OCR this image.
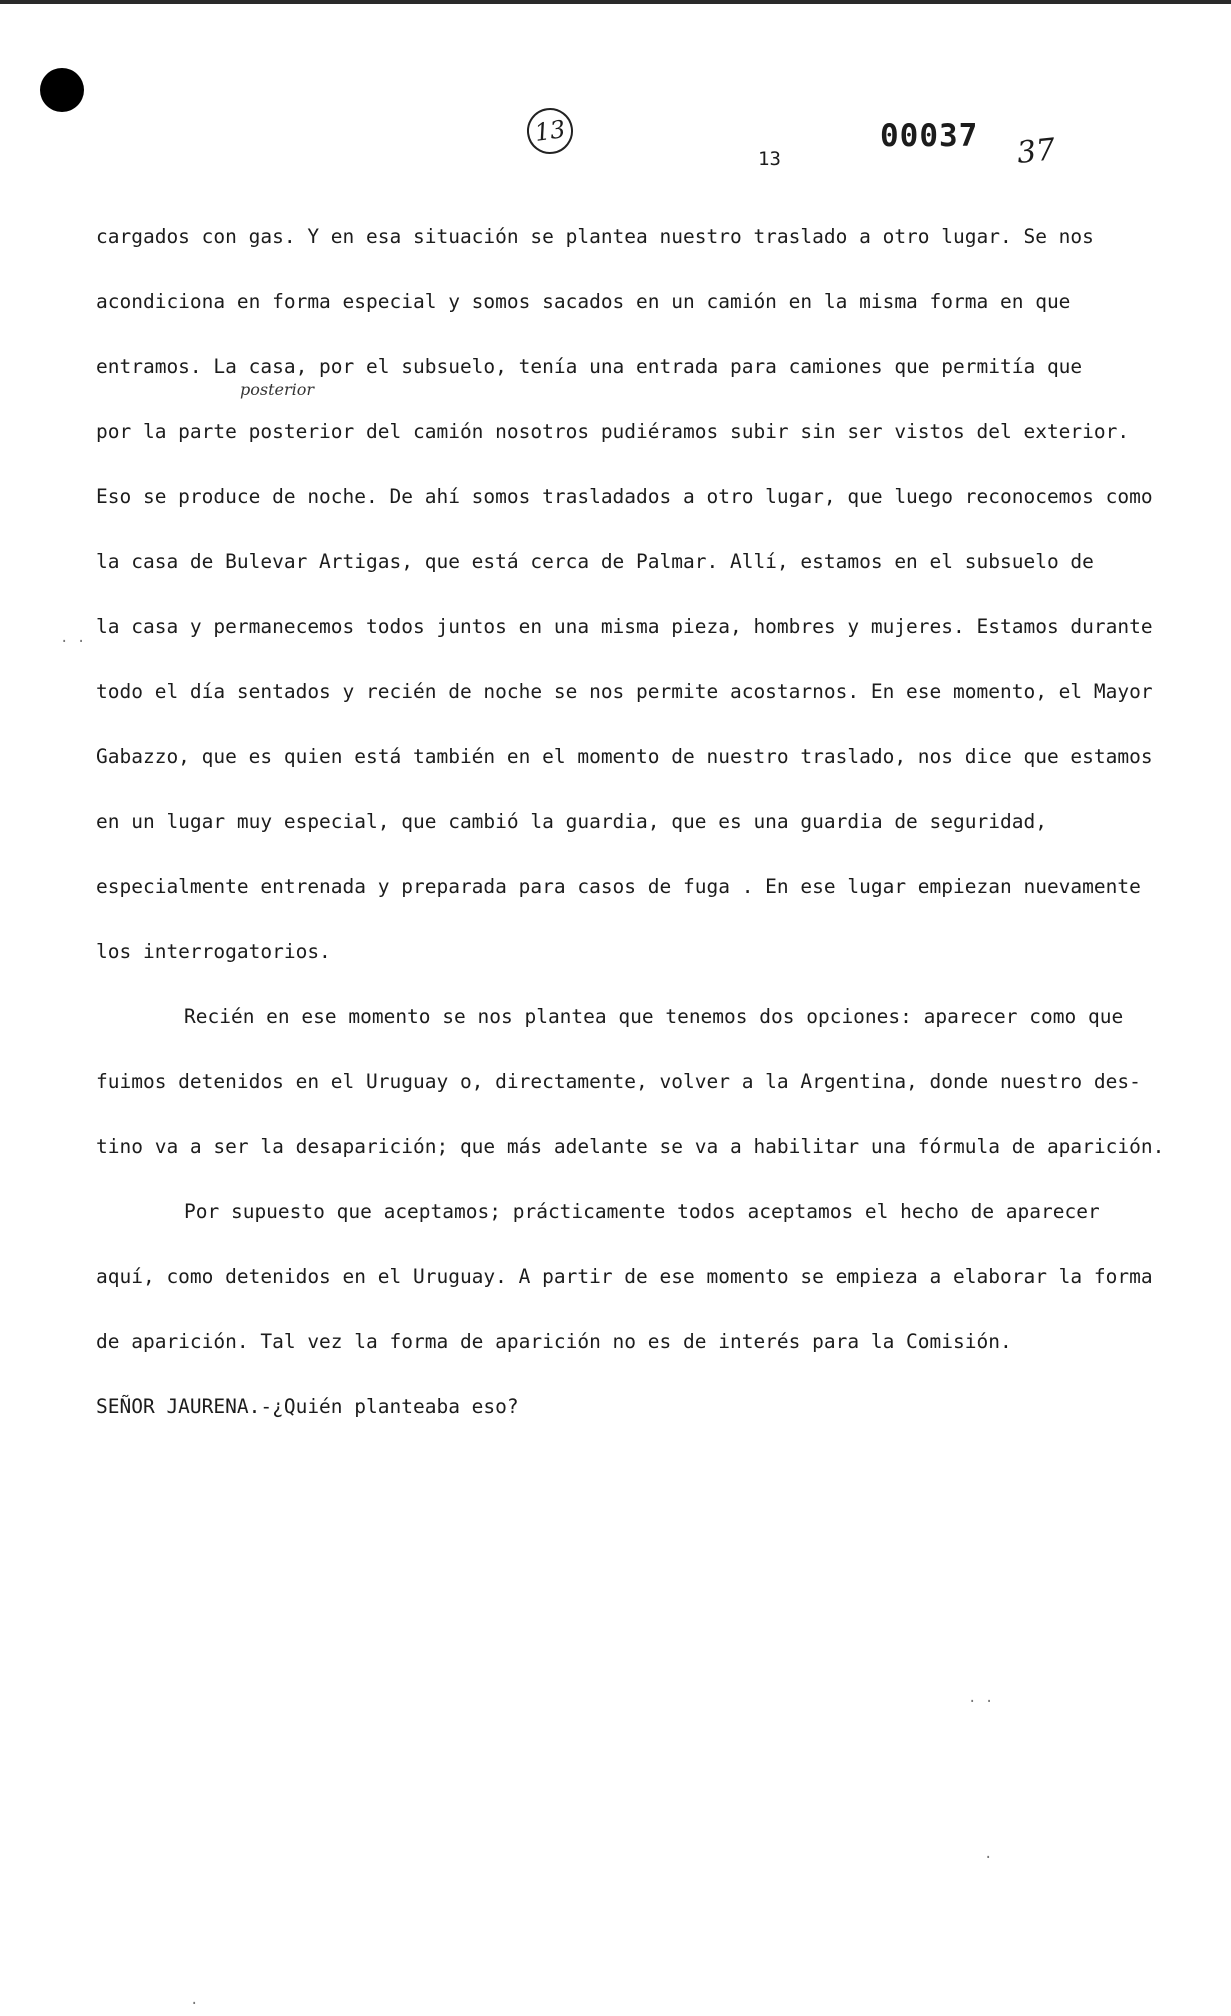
13
13
00037 37
posterior
cargados con gas. Y en esa situación se plantea nuestro traslado a otro lugar. Se nos
acondiciona en forma especial y somos sacados en un camión en la misma forma en que
entramos. La casa, por el subsuelo, tenía una entrada para camiones que permitía que
por la parte posterior del camión nosotros pudiéramos subir sin ser vistos del exterior.
Eso se produce de noche. De ahí somos trasladados a otro lugar, que luego reconocemos como
la casa de Bulevar Artigas, que está cerca de Palmar. Allí, estamos en el subsuelo de
la casa y permanecemos todos juntos en una misma pieza, hombres y mujeres. Estamos durante
todo el día sentados y recién de noche se nos permite acostarnos. En ese momento, el Mayor
Gabazzo, que es quien está también en el momento de nuestro traslado, nos dice que estamos
en un lugar muy especial, que cambió la guardia, que es una guardia de seguridad,
especialmente entrenada y preparada para casos de fuga . En ese lugar empiezan nuevamente
los interrogatorios.
Recién en ese momento se nos plantea que tenemos dos opciones: aparecer como que
fuimos detenidos en el Uruguay o, directamente, volver a la Argentina, donde nuestro des-
tino va a ser la desaparición; que más adelante se va a habilitar una fórmula de aparición.
Por supuesto que aceptamos; prácticamente todos aceptamos el hecho de aparecer
aquí, como detenidos en el Uruguay. A partir de ese momento se empieza a elaborar la forma
de aparición. Tal vez la forma de aparición no es de interés para la Comisión.
SEÑOR JAURENA.-¿Quién planteaba eso?
. .
. .
.
.
